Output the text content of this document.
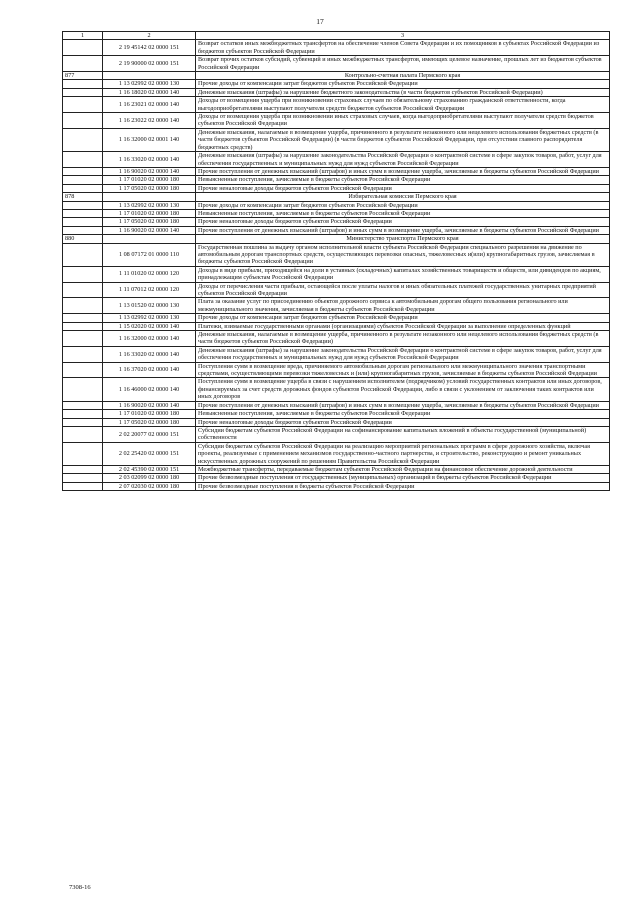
17
1	2	3
	2 19 45142 02 0000 151	Возврат остатков иных межбюджетных трансфертов на обеспечение членов Совета Федерации и их помощников в субъектах Российской Федерации из бюджетов субъектов Российской Федерации
	2 19 90000 02 0000 151	Возврат прочих остатков субсидий, субвенций и иных межбюджетных трансфертов, имеющих целевое назначение, прошлых лет из бюджетов субъектов Российской Федерации
877		Контрольно-счетная палата Пермского края
	1 13 02992 02 0000 130	Прочие доходы от компенсации затрат бюджетов субъектов Российской Федерации
	1 16 18020 02 0000 140	Денежные взыскания (штрафы) за нарушение бюджетного законодательства (в части бюджетов субъектов Российской Федерации)
	1 16 23021 02 0000 140	Доходы от возмещения ущерба при возникновении страховых случаев по обязательному страхованию гражданской ответственности, когда выгодоприобретателями выступают получатели средств бюджетов субъектов Российской Федерации
	1 16 23022 02 0000 140	Доходы от возмещения ущерба при возникновении иных страховых случаев, когда выгодоприобретателями выступают получатели средств бюджетов субъектов Российской Федерации
	1 16 32000 02 0001 140	Денежные взыскания, налагаемые в возмещение ущерба, причиненного в результате незаконного или нецелевого использования бюджетных средств (в части бюджетов субъектов Российской Федерации) (в части бюджетов субъектов Российской Федерации, при отсутствии главного распорядителя бюджетных средств)
	1 16 33020 02 0000 140	Денежные взыскания (штрафы) за нарушение законодательства Российской Федерации о контрактной системе в сфере закупок товаров, работ, услуг для обеспечения государственных и муниципальных нужд для нужд субъектов Российской Федерации
	1 16 90020 02 0000 140	Прочие поступления от денежных взысканий (штрафов) и иных сумм в возмещение ущерба, зачисляемые в бюджеты субъектов Российской Федерации
	1 17 01020 02 0000 180	Невыясненные поступления, зачисляемые в бюджеты субъектов Российской Федерации
	1 17 05020 02 0000 180	Прочие неналоговые доходы бюджетов субъектов Российской Федерации
878		Избирательная комиссия Пермского края
	1 13 02992 02 0000 130	Прочие доходы от компенсации затрат бюджетов субъектов Российской Федерации
	1 17 01020 02 0000 180	Невыясненные поступления, зачисляемые в бюджеты субъектов Российской Федерации
	1 17 05020 02 0000 180	Прочие неналоговые доходы бюджетов субъектов Российской Федерации
	1 16 90020 02 0000 140	Прочие поступления от денежных взысканий (штрафов) и иных сумм в возмещение ущерба, зачисляемые в бюджеты субъектов Российской Федерации
880		Министерство транспорта Пермского края
	1 08 07172 01 0000 110	Государственная пошлина за выдачу органом исполнительной власти субъекта Российской Федерации специального разрешения на движение по автомобильным дорогам транспортных средств, осуществляющих перевозки опасных, тяжеловесных и(или) крупногабаритных грузов, зачисляемая в бюджеты субъектов Российской Федерации
	1 11 01020 02 0000 120	Доходы в виде прибыли, приходящейся на доли в уставных (складочных) капиталах хозяйственных товариществ и обществ, или дивидендов по акциям, принадлежащим субъектам Российской Федерации
	1 11 07012 02 0000 120	Доходы от перечисления части прибыли, остающейся после уплаты налогов и иных обязательных платежей государственных унитарных предприятий субъектов Российской Федерации
	1 13 01520 02 0000 130	Плата за оказание услуг по присоединению объектов дорожного сервиса к автомобильным дорогам общего пользования регионального или межмуниципального значения, зачисляемая в бюджеты субъектов Российской Федерации
	1 13 02992 02 0000 130	Прочие доходы от компенсации затрат бюджетов субъектов Российской Федерации
	1 15 02020 02 0000 140	Платежи, взимаемые государственными органами (организациями) субъектов Российской Федерации за выполнение определенных функций
	1 16 32000 02 0000 140	Денежные взыскания, налагаемые в возмещение ущерба, причиненного в результате незаконного или нецелевого использования бюджетных средств (в части бюджетов субъектов Российской Федерации)
	1 16 33020 02 0000 140	Денежные взыскания (штрафы) за нарушение законодательства Российской Федерации о контрактной системе в сфере закупок товаров, работ, услуг для обеспечения государственных и муниципальных нужд для нужд субъектов Российской Федерации
	1 16 37020 02 0000 140	Поступления сумм в возмещение вреда, причиняемого автомобильным дорогам регионального или межмуниципального значения транспортными средствами, осуществляющими перевозки тяжеловесных и (или) крупногабаритных грузов, зачисляемые в бюджеты субъектов Российской Федерации
	1 16 46000 02 0000 140	Поступления сумм в возмещение ущерба в связи с нарушением исполнителем (подрядчиком) условий государственных контрактов или иных договоров, финансируемых за счет средств дорожных фондов субъектов Российской Федерации, либо в связи с уклонением от заключения таких контрактов или иных договоров
	1 16 90020 02 0000 140	Прочие поступления от денежных взысканий (штрафов) и иных сумм в возмещение ущерба, зачисляемые в бюджеты субъектов Российской Федерации
	1 17 01020 02 0000 180	Невыясненные поступления, зачисляемые в бюджеты субъектов Российской Федерации
	1 17 05020 02 0000 180	Прочие неналоговые доходы бюджетов субъектов Российской Федерации
	2 02 20077 02 0000 151	Субсидии бюджетам субъектов Российской Федерации на софинансирование капитальных вложений в объекты государственной (муниципальной) собственности
	2 02 25420 02 0000 151	Субсидии бюджетам субъектов Российской Федерации на реализацию мероприятий региональных программ в сфере дорожного хозяйства, включая проекты, реализуемые с применением механизмов государственно-частного партнерства, и строительство, реконструкцию и ремонт уникальных искусственных дорожных сооружений по решениям Правительства Российской Федерации
	2 02 45390 02 0000 151	Межбюджетные трансферты, передаваемые бюджетам субъектов Российской Федерации на финансовое обеспечение дорожной деятельности
	2 03 02099 02 0000 180	Прочие безвозмездные поступления от государственных (муниципальных) организаций в бюджеты субъектов Российской Федерации
	2 07 02030 02 0000 180	Прочие безвозмездные поступления в бюджеты субъектов Российской Федерации
7308-16
